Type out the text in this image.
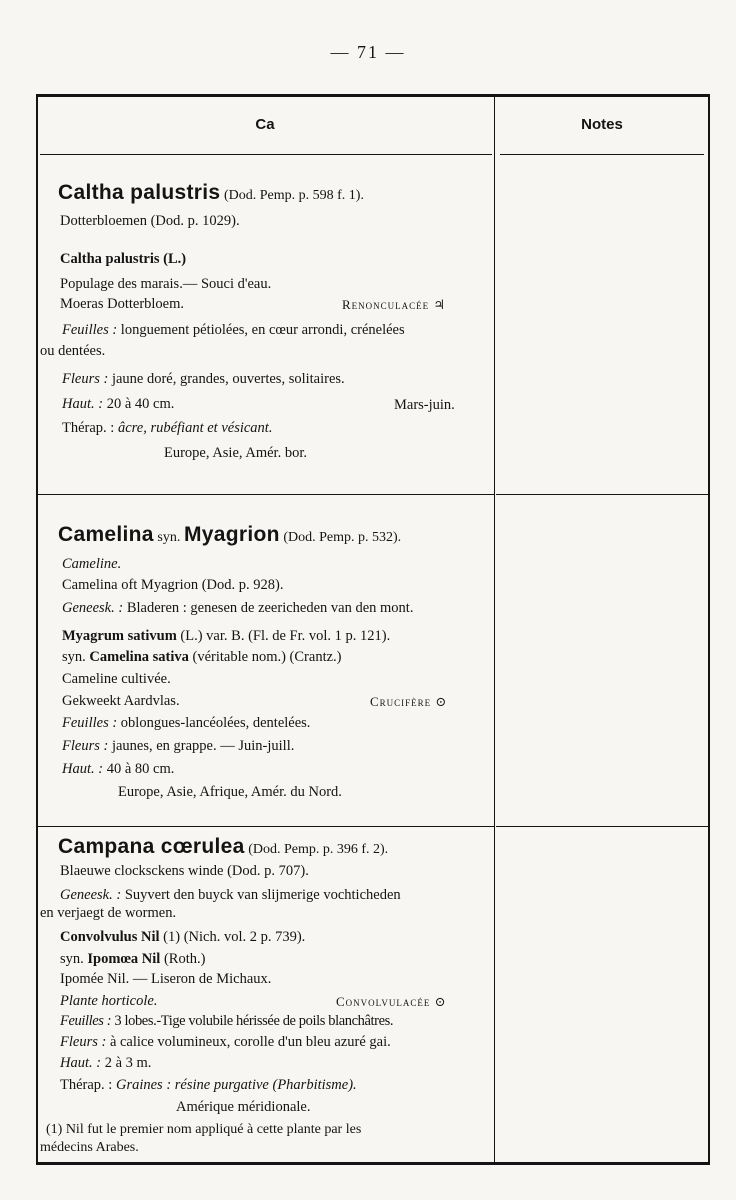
— 71 —
Ca	Notes
Caltha palustris (Dod. Pemp. p. 598 f. 1).
Dotterbloemen (Dod. p. 1029).
Caltha palustris (L.)
Populage des marais.— Souci d'eau.
Moeras Dotterbloem.	Renonculacée ♃
Feuilles : longuement pétiolées, en cœur arrondi, crénelées
ou dentées.
Fleurs : jaune doré, grandes, ouvertes, solitaires.
Haut. : 20 à 40 cm.	Mars-juin.
Thérap. : âcre, rubéfiant et vésicant.
Europe, Asie, Amér. bor.
Camelina syn. Myagrion (Dod. Pemp. p. 532).
Cameline.
Camelina oft Myagrion (Dod. p. 928).
Geneesk. : Bladeren : genesen de zeericheden van den mont.
Myagrum sativum (L.) var. B. (Fl. de Fr. vol. 1 p. 121).
syn. Camelina sativa (véritable nom.) (Crantz.)
Cameline cultivée.
Gekweekt Aardvlas.	Crucifère ⊙
Feuilles : oblongues-lancéolées, dentelées.
Fleurs : jaunes, en grappe. — Juin-juill.
Haut. : 40 à 80 cm.
Europe, Asie, Afrique, Amér. du Nord.
Campana cœrulea (Dod. Pemp. p. 396 f. 2).
Blaeuwe clocksckens winde (Dod. p. 707).
Geneesk. : Suyvert den buyck van slijmerige vochticheden
en verjaegt de wormen.
Convolvulus Nil (1) (Nich. vol. 2 p. 739).
syn. Ipomœa Nil (Roth.)
Ipomée Nil. — Liseron de Michaux.
Plante horticole.	Convolvulacée ⊙
Feuilles : 3 lobes.-Tige volubile hérissée de poils blanchâtres.
Fleurs : à calice volumineux, corolle d'un bleu azuré gai.
Haut. : 2 à 3 m.
Thérap. : Graines : résine purgative (Pharbitisme).
Amérique méridionale.
(1) Nil fut le premier nom appliqué à cette plante par les
médecins Arabes.
